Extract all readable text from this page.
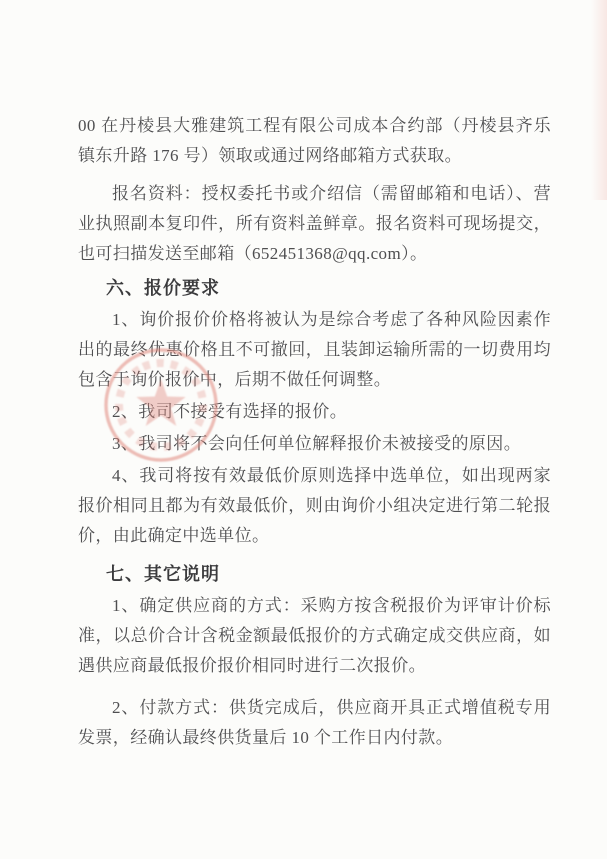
00 在丹棱县大雅建筑工程有限公司成本合约部（丹棱县齐乐镇东升路 176 号）领取或通过网络邮箱方式获取。

报名资料：授权委托书或介绍信（需留邮箱和电话）、营业执照副本复印件，所有资料盖鲜章。报名资料可现场提交，也可扫描发送至邮箱（652451368@qq.com）。

六、报价要求

1、询价报价价格将被认为是综合考虑了各种风险因素作出的最终优惠价格且不可撤回，且装卸运输所需的一切费用均包含于询价报价中，后期不做任何调整。

2、我司不接受有选择的报价。

3、我司将不会向任何单位解释报价未被接受的原因。

4、我司将按有效最低价原则选择中选单位，如出现两家报价相同且都为有效最低价，则由询价小组决定进行第二轮报价，由此确定中选单位。

七、其它说明

1、确定供应商的方式：采购方按含税报价为评审计价标准，以总价合计含税金额最低报价的方式确定成交供应商，如遇供应商最低报价报价相同时进行二次报价。

2、付款方式：供货完成后，供应商开具正式增值税专用发票，经确认最终供货量后 10 个工作日内付款。
